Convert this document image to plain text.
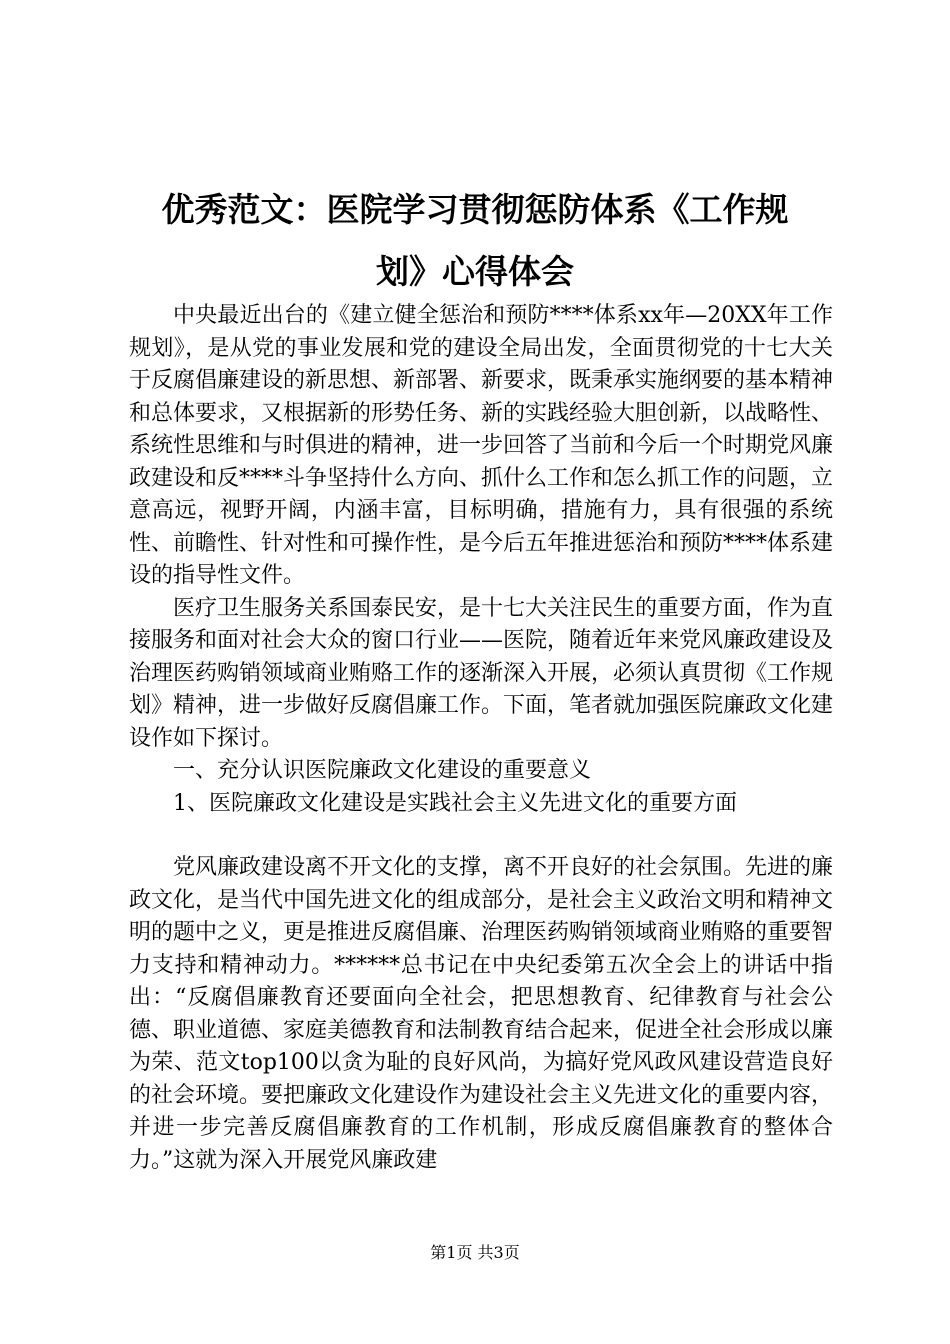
优秀范文：医院学习贯彻惩防体系《工作规
划》心得体会

中央最近出台的《建立健全惩治和预防****体系xx年—20XX年工作规划》，是从党的事业发展和党的建设全局出发，全面贯彻党的十七大关于反腐倡廉建设的新思想、新部署、新要求，既秉承实施纲要的基本精神和总体要求，又根据新的形势任务、新的实践经验大胆创新，以战略性、系统性思维和与时俱进的精神，进一步回答了当前和今后一个时期党风廉政建设和反****斗争坚持什么方向、抓什么工作和怎么抓工作的问题，立意高远，视野开阔，内涵丰富，目标明确，措施有力，具有很强的系统性、前瞻性、针对性和可操作性，是今后五年推进惩治和预防****体系建设的指导性文件。

医疗卫生服务关系国泰民安，是十七大关注民生的重要方面，作为直接服务和面对社会大众的窗口行业——医院，随着近年来党风廉政建设及治理医药购销领域商业贿赂工作的逐渐深入开展，必须认真贯彻《工作规划》精神，进一步做好反腐倡廉工作。下面，笔者就加强医院廉政文化建设作如下探讨。

一、充分认识医院廉政文化建设的重要意义

1、医院廉政文化建设是实践社会主义先进文化的重要方面

党风廉政建设离不开文化的支撑，离不开良好的社会氛围。先进的廉政文化，是当代中国先进文化的组成部分，是社会主义政治文明和精神文明的题中之义，更是推进反腐倡廉、治理医药购销领域商业贿赂的重要智力支持和精神动力。******总书记在中央纪委第五次全会上的讲话中指出：“反腐倡廉教育还要面向全社会，把思想教育、纪律教育与社会公德、职业道德、家庭美德教育和法制教育结合起来，促进全社会形成以廉为荣、范文top100以贪为耻的良好风尚，为搞好党风政风建设营造良好的社会环境。要把廉政文化建设作为建设社会主义先进文化的重要内容，并进一步完善反腐倡廉教育的工作机制，形成反腐倡廉教育的整体合力。”这就为深入开展党风廉政建

第1页 共3页
